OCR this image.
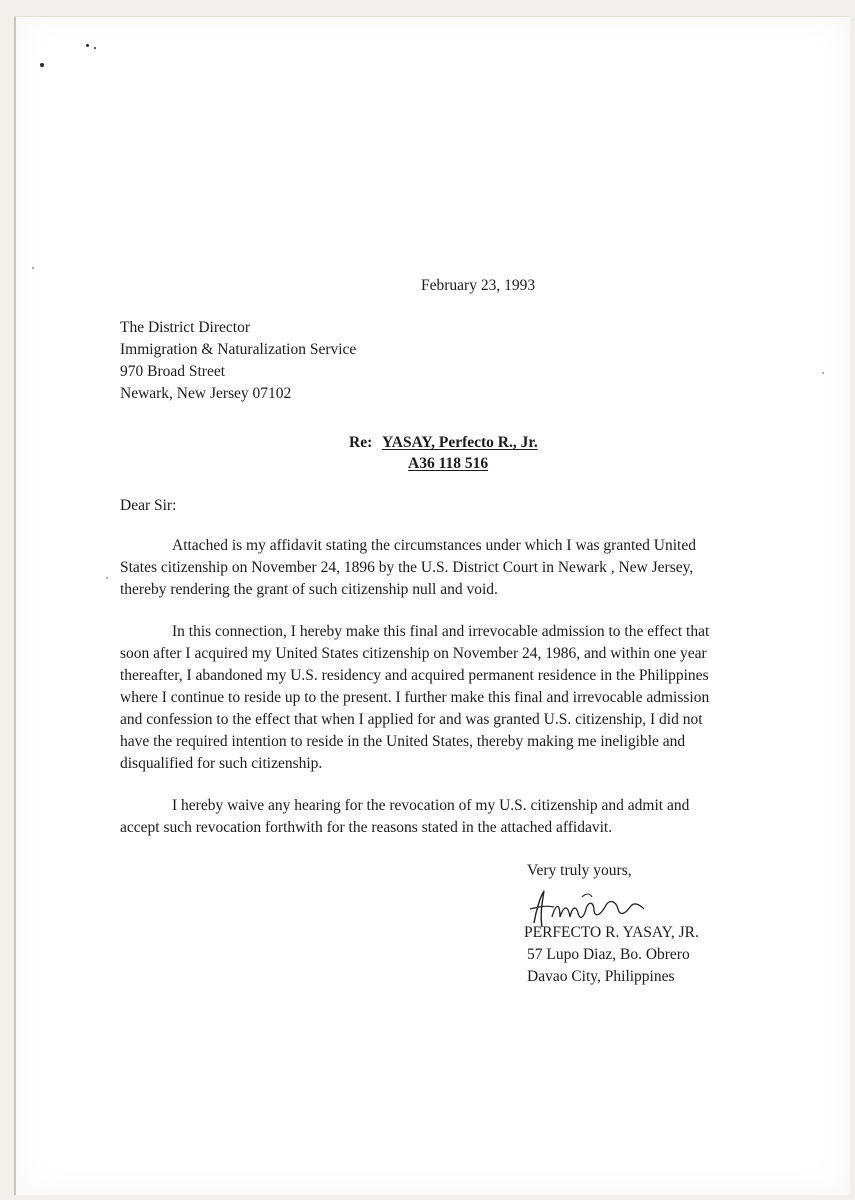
February 23, 1993
The District Director
Immigration & Naturalization Service
970 Broad Street
Newark, New Jersey 07102
Re: YASAY, Perfecto R., Jr.
A36 118 516
Dear Sir:
Attached is my affidavit stating the circumstances under which I was granted United
States citizenship on November 24, 1896 by the U.S. District Court in Newark , New Jersey,
thereby rendering the grant of such citizenship null and void.
In this connection, I hereby make this final and irrevocable admission to the effect that
soon after I acquired my United States citizenship on November 24, 1986, and within one year
thereafter, I abandoned my U.S. residency and acquired permanent residence in the Philippines
where I continue to reside up to the present. I further make this final and irrevocable admission
and confession to the effect that when I applied for and was granted U.S. citizenship, I did not
have the required intention to reside in the United States, thereby making me ineligible and
disqualified for such citizenship.
I hereby waive any hearing for the revocation of my U.S. citizenship and admit and
accept such revocation forthwith for the reasons stated in the attached affidavit.
Very truly yours,
PERFECTO R. YASAY, JR.
57 Lupo Diaz, Bo. Obrero
Davao City, Philippines
